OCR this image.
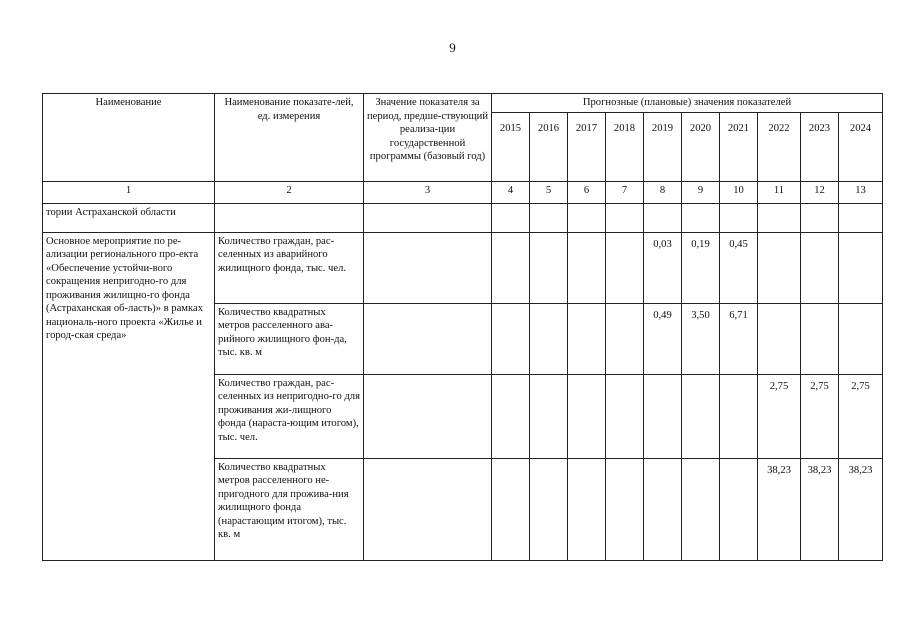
9
Наименование	Наименование показате-лей, ед. измерения	Значение показателя за период, предше-ствующий реализа-ции государственной программы (базовый год)	Прогнозные (плановые) значения показателей									
			2015	2016	2017	2018	2019	2020	2021	2022	2023	2024
1	2	3	4	5	6	7	8	9	10	11	12	13
тории Астраханской области												
Основное мероприятие по ре-ализации регионального про-екта «Обеспечение устойчи-вого сокращения непригодно-го для проживания жилищно-го фонда (Астраханская об-ласть)» в рамках националь-ного проекта «Жилье и город-ская среда»	Количество граждан, рас-селенных из аварийного жилищного фонда, тыс. чел.						0,03	0,19	0,45			
	Количество квадратных метров расселенного ава-рийного жилищного фон-да, тыс. кв. м						0,49	3,50	6,71			
	Количество граждан, рас-селенных из непригодно-го для проживания жи-лищного фонда (нараста-ющим итогом), тыс. чел.									2,75	2,75	2,75
	Количество квадратных метров расселенного не-пригодного для прожива-ния жилищного фонда (нарастающим итогом), тыс. кв. м									38,23	38,23	38,23
